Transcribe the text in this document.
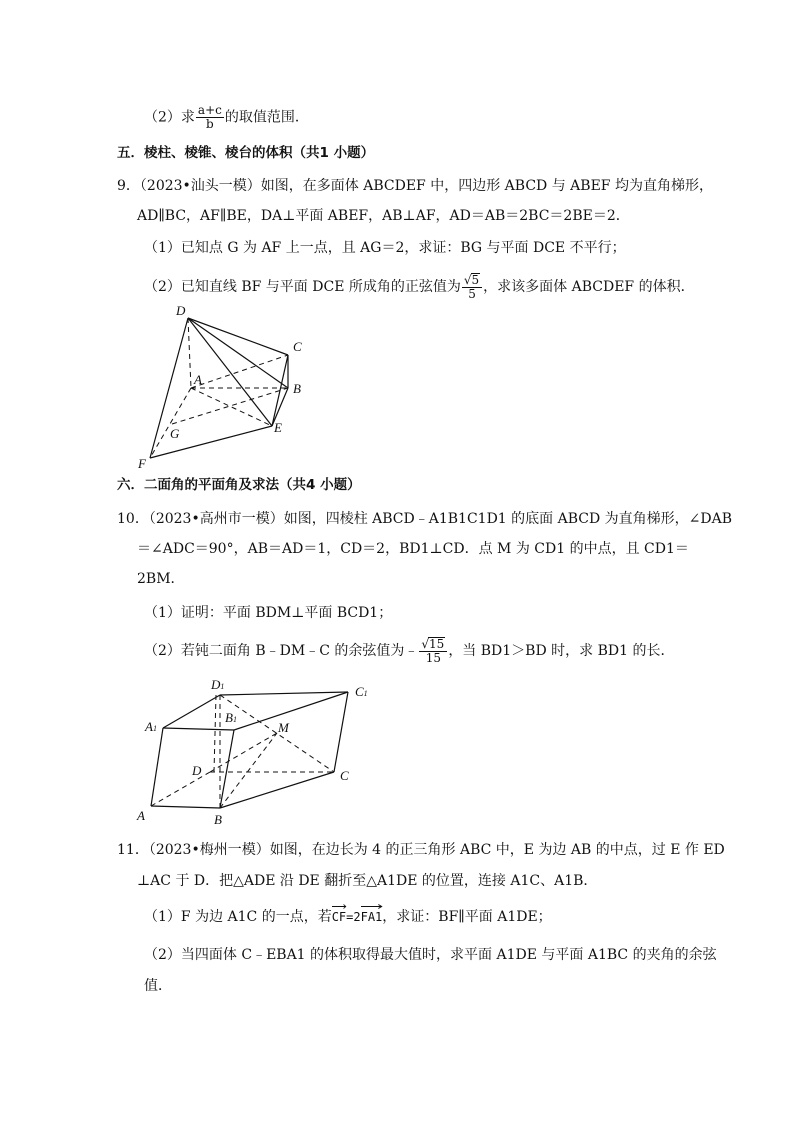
（2）求 $\frac{a+c}{b}$ 的取值范围．
五．棱柱、棱锥、棱台的体积（共1 小题）
9．（2023•汕头一模）如图，在多面体 ABCDEF 中，四边形 ABCD 与 ABEF 均为直角梯形，
AD∥BC，AF∥BE，DA⊥平面 ABEF，AB⊥AF，AD＝AB＝2BC＝2BE＝2．
（1）已知点 G 为 AF 上一点，且 AG＝2，求证：BG 与平面 DCE 不平行；
（2）已知直线 BF 与平面 DCE 所成角的正弦值为 $\frac{√5}{5}$ ，求该多面体 ABCDEF 的体积．
D
C
A
B
G	E
F
六．二面角的平面角及求法（共4 小题）
10．（2023•高州市一模）如图，四棱柱 ABCD﹣A1B1C1D1 的底面 ABCD 为直角梯形，∠DAB
＝∠ADC＝90°，AB＝AD＝1，CD＝2，BD1⊥CD．点 M 为 CD1 的中点，且 CD1＝
2BM．
（1）证明：平面 BDM⊥平面 BCD1；
（2）若钝二面角 B﹣DM﹣C 的余弦值为﹣ $\frac{√15}{15}$ ，当 BD1＞BD 时，求 BD1 的长．
D1	C1
A1
B1
M
D	C
A	B
11．（2023•梅州一模）如图，在边长为 4 的正三角形 ABC 中，E 为边 AB 的中点，过 E 作 ED
⊥AC 于 D．把△ADE 沿 DE 翻折至△A1DE 的位置，连接 A1C、A1B．
（1）F 为边 A1C 的一点，若
CF=2
FA1，求证：BF∥平面 A1DE；
（2）当四面体 C﹣EBA1 的体积取得最大值时，求平面 A1DE 与平面 A1BC 的夹角的余弦
值．
